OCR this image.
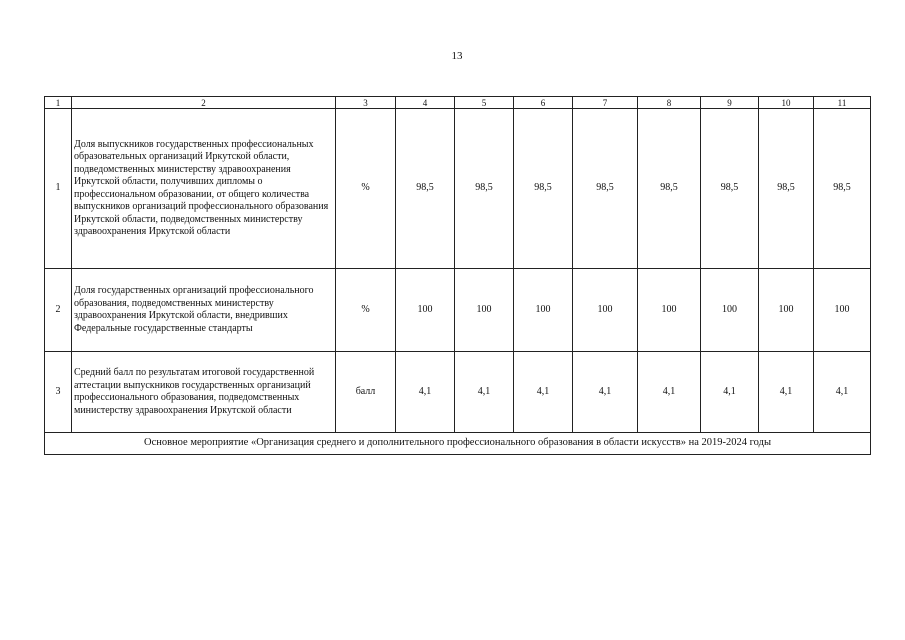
13
1	2	3	4	5	6	7	8	9	10	11
1	Доля выпускников государственных профессиональных образовательных организаций Иркутской области, подведомственных министерству здравоохранения Иркутской области, получивших дипломы о профессиональном образовании, от общего количества выпускников организаций профессионального образования Иркутской области, подведомственных министерству здравоохранения Иркутской области	%	98,5	98,5	98,5	98,5	98,5	98,5	98,5	98,5
2	Доля государственных организаций профессионального образования, подведомственных министерству здравоохранения Иркутской области, внедривших Федеральные государственные стандарты	%	100	100	100	100	100	100	100	100
3	Средний балл по результатам итоговой государственной аттестации выпускников государственных организаций профессионального образования, подведомственных министерству здравоохранения Иркутской области	балл	4,1	4,1	4,1	4,1	4,1	4,1	4,1	4,1
Основное мероприятие «Организация среднего и дополнительного профессионального образования в области искусств» на 2019-2024 годы										
